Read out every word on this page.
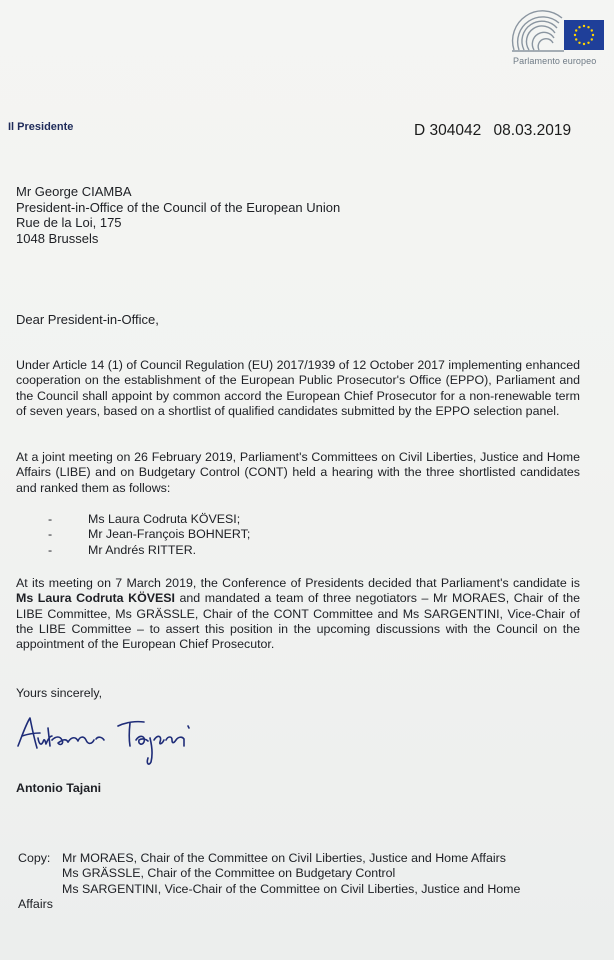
Parlamento europeo
Il Presidente	D 304042 08.03.2019
Mr George CIAMBA
President-in-Office of the Council of the European Union
Rue de la Loi, 175
1048 Brussels
Dear President-in-Office,

Under Article 14 (1) of Council Regulation (EU) 2017/1939 of 12 October 2017 implementing enhanced cooperation on the establishment of the European Public Prosecutor's Office (EPPO), Parliament and the Council shall appoint by common accord the European Chief Prosecutor for a non-renewable term of seven years, based on a shortlist of qualified candidates submitted by the EPPO selection panel.

At a joint meeting on 26 February 2019, Parliament's Committees on Civil Liberties, Justice and Home Affairs (LIBE) and on Budgetary Control (CONT) held a hearing with the three shortlisted candidates and ranked them as follows:

-	Ms Laura Codruta KÖVESI;
-	Mr Jean-François BOHNERT;
-	Mr Andrés RITTER.

At its meeting on 7 March 2019, the Conference of Presidents decided that Parliament's candidate is Ms Laura Codruta KÖVESI and mandated a team of three negotiators – Mr MORAES, Chair of the LIBE Committee, Ms GRÄSSLE, Chair of the CONT Committee and Ms SARGENTINI, Vice-Chair of the LIBE Committee – to assert this position in the upcoming discussions with the Council on the appointment of the European Chief Prosecutor.

Yours sincerely,
Antonio Tajani
Copy: Mr MORAES, Chair of the Committee on Civil Liberties, Justice and Home Affairs
Ms GRÄSSLE, Chair of the Committee on Budgetary Control
Ms SARGENTINI, Vice-Chair of the Committee on Civil Liberties, Justice and Home
Affairs
